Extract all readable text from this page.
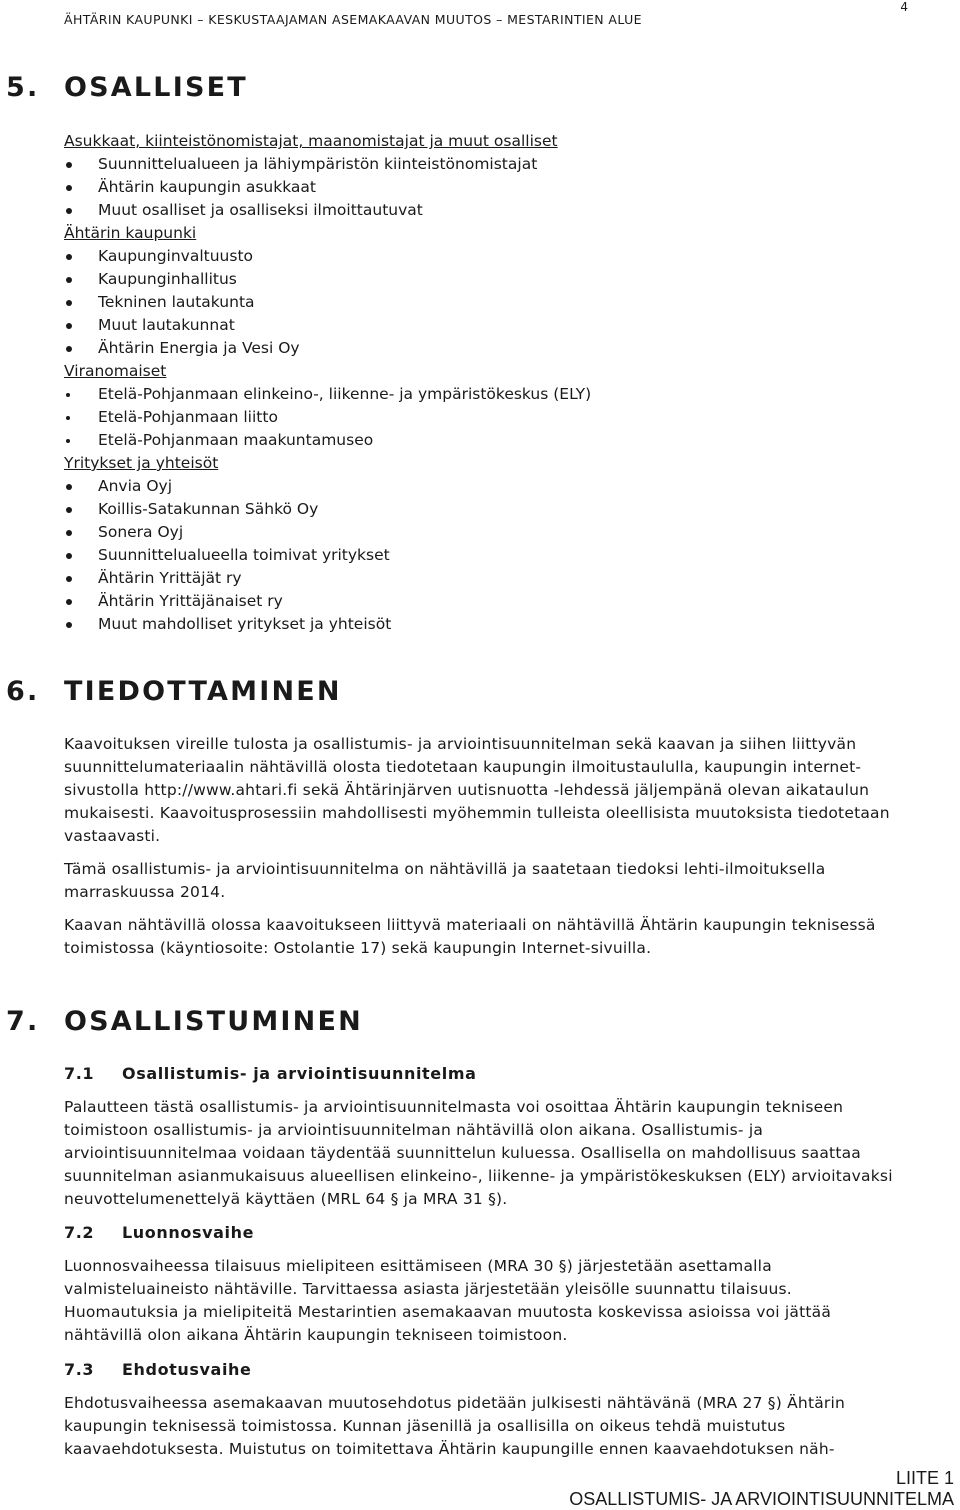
ÄHTÄRIN KAUPUNKI – KESKUSTAAJAMAN ASEMAKAAVAN MUUTOS – MESTARINTIEN ALUE
4
5. OSALLISET
Asukkaat, kiinteistönomistajat, maanomistajat ja muut osalliset
Suunnittelualueen ja lähiympäristön kiinteistönomistajat
Ähtärin kaupungin asukkaat
Muut osalliset ja osalliseksi ilmoittautuvat
Ähtärin kaupunki
Kaupunginvaltuusto
Kaupunginhallitus
Tekninen lautakunta
Muut lautakunnat
Ähtärin Energia ja Vesi Oy
Viranomaiset
Etelä-Pohjanmaan elinkeino-, liikenne- ja ympäristökeskus (ELY)
Etelä-Pohjanmaan liitto
Etelä-Pohjanmaan maakuntamuseo
Yritykset ja yhteisöt
Anvia Oyj
Koillis-Satakunnan Sähkö Oy
Sonera Oyj
Suunnittelualueella toimivat yritykset
Ähtärin Yrittäjät ry
Ähtärin Yrittäjänaiset ry
Muut mahdolliset yritykset ja yhteisöt
6. TIEDOTTAMINEN

Kaavoituksen vireille tulosta ja osallistumis- ja arviointisuunnitelman sekä kaavan ja siihen liittyvän suunnittelumateriaalin nähtävillä olosta tiedotetaan kaupungin ilmoitustaululla, kaupungin internet-sivustolla http://www.ahtari.fi sekä Ähtärinjärven uutisnuotta -lehdessä jäljempänä olevan aikataulun mukaisesti. Kaavoitusprosessiin mahdollisesti myöhemmin tulleista oleellisista muutoksista tiedotetaan vastaavasti.

Tämä osallistumis- ja arviointisuunnitelma on nähtävillä ja saatetaan tiedoksi lehti-ilmoituksella marraskuussa 2014.

Kaavan nähtävillä olossa kaavoitukseen liittyvä materiaali on nähtävillä Ähtärin kaupungin teknisessä toimistossa (käyntiosoite: Ostolantie 17) sekä kaupungin Internet-sivuilla.

7. OSALLISTUMINEN
7.1 Osallistumis- ja arviointisuunnitelma

Palautteen tästä osallistumis- ja arviointisuunnitelmasta voi osoittaa Ähtärin kaupungin tekniseen toimistoon osallistumis- ja arviointisuunnitelman nähtävillä olon aikana. Osallistumis- ja arviointisuunnitelmaa voidaan täydentää suunnittelun kuluessa. Osallisella on mahdollisuus saattaa suunnitelman asianmukaisuus alueellisen elinkeino-, liikenne- ja ympäristökeskuksen (ELY) arvioitavaksi neuvottelumenettelyä käyttäen (MRL 64 § ja MRA 31 §).

7.2 Luonnosvaihe

Luonnosvaiheessa tilaisuus mielipiteen esittämiseen (MRA 30 §) järjestetään asettamalla valmisteluaineisto nähtäville. Tarvittaessa asiasta järjestetään yleisölle suunnattu tilaisuus. Huomautuksia ja mielipiteitä Mestarintien asemakaavan muutosta koskevissa asioissa voi jättää nähtävillä olon aikana Ähtärin kaupungin tekniseen toimistoon.

7.3 Ehdotusvaihe

Ehdotusvaiheessa asemakaavan muutosehdotus pidetään julkisesti nähtävänä (MRA 27 §) Ähtärin kaupungin teknisessä toimistossa. Kunnan jäsenillä ja osallisilla on oikeus tehdä muistutus kaavaehdotuksesta. Muistutus on toimitettava Ähtärin kaupungille ennen kaavaehdotuksen näh-

LIITE 1
OSALLISTUMIS- JA ARVIOINTISUUNNITELMA
